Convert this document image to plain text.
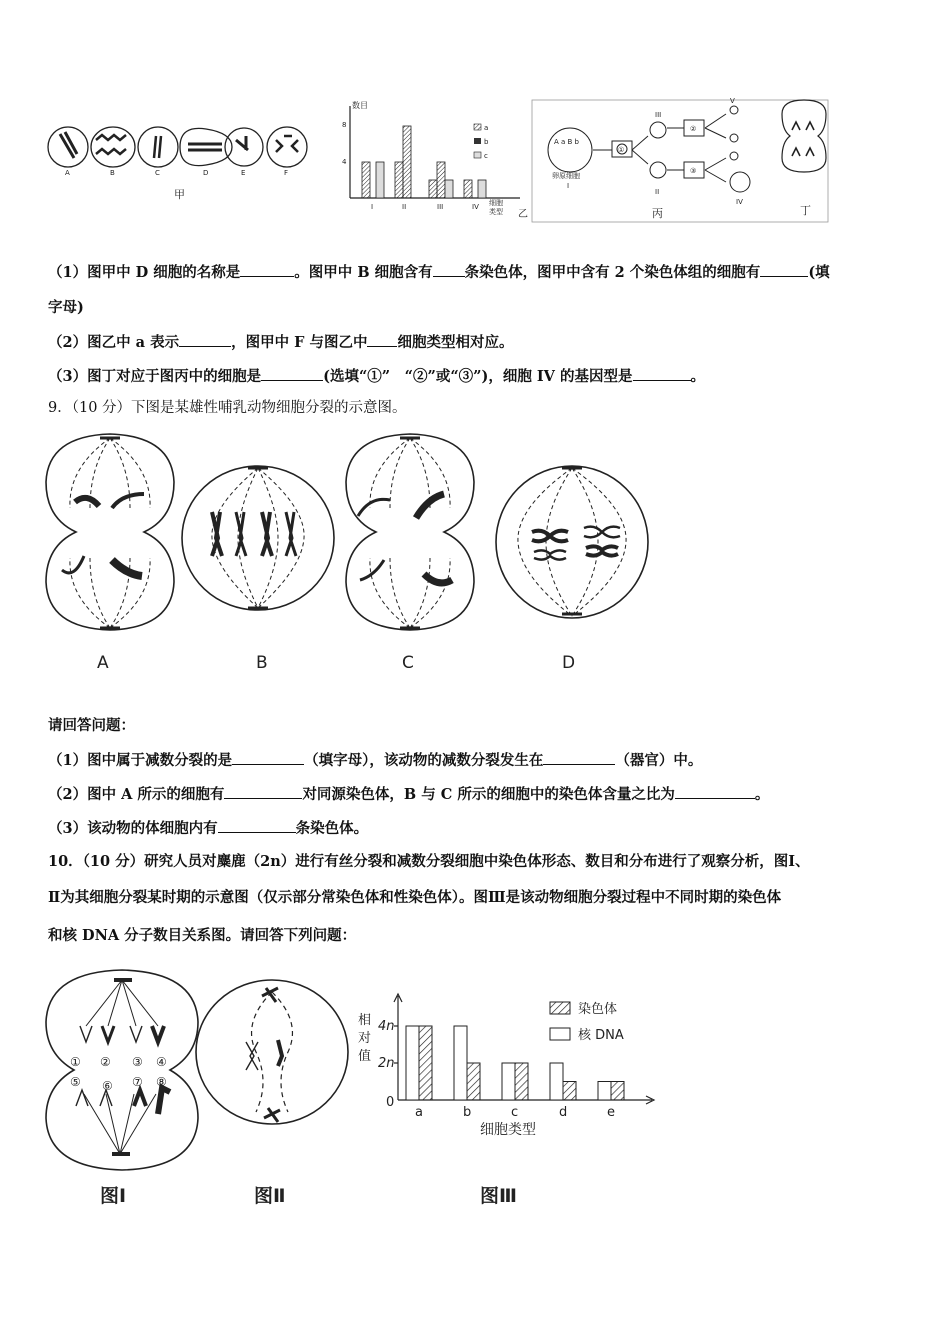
A	B	C	D	E	F
甲
数目
8
4
I	II	III	IV 细胞
类型
a
b
c
乙
A a B b
卵原细胞
I
II
III
IV
V
①
②
③
丙	丁
（1）图甲中 D 细胞的名称是	。图甲中 B 细胞含有 条染色体，图甲中含有 2 个染色体组的细胞有	(填
字母)
（2）图乙中 a 表示	，图甲中 F 与图乙中 细胞类型相对应。
（3）图丁对应于图丙中的细胞是	(选填“①”　“②”或“③”)，细胞 IV 的基因型是	。
9．（10 分）下图是某雄性哺乳动物细胞分裂的示意图。
A	B	C	D
请回答问题：
（1）图中属于减数分裂的是	（填字母），该动物的减数分裂发生在	（器官）中。
（2）图中 A 所示的细胞有	对同源染色体，B 与 C 所示的细胞中的染色体含量之比为	。
（3）该动物的体细胞内有	条染色体。
10．（10 分）研究人员对麋鹿（2n）进行有丝分裂和减数分裂细胞中染色体形态、数目和分布进行了观察分析，图Ⅰ、
Ⅱ为其细胞分裂某时期的示意图（仅示部分常染色体和性染色体）。图Ⅲ是该动物细胞分裂过程中不同时期的染色体
和核 DNA 分子数目关系图。请回答下列问题：
① ② ③ ④
⑤ ⑥ ⑦ ⑧
相
对
值
4n
2n
0
a	b	c	d	e
细胞类型
染色体
核 DNA
图Ⅰ	图Ⅱ	图Ⅲ
